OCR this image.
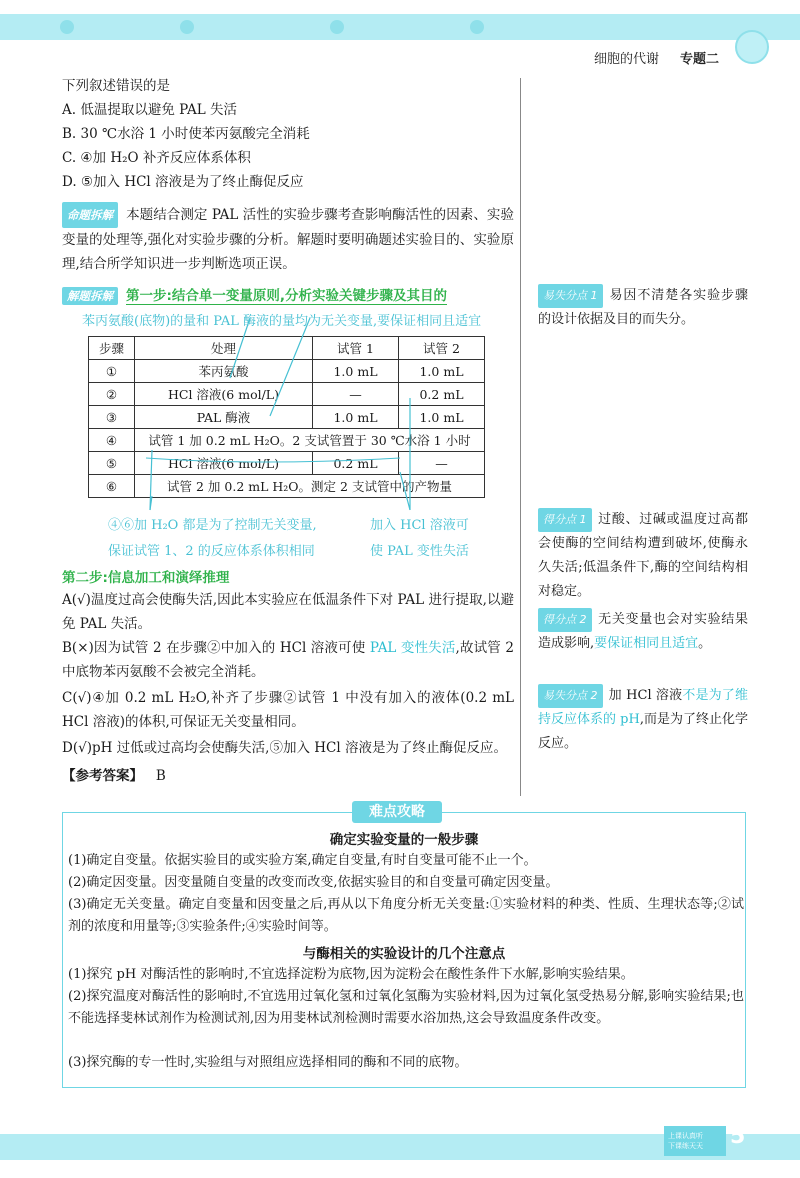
细胞的代谢 专题二
下列叙述错误的是
A. 低温提取以避免 PAL 失活
B. 30 ℃水浴 1 小时使苯丙氨酸完全消耗
C. ④加 H₂O 补齐反应体系体积
D. ⑤加入 HCl 溶液是为了终止酶促反应
命题拆解 本题结合测定 PAL 活性的实验步骤考查影响酶活性的因素、实验变量的处理等,强化对实验步骤的分析。解题时要明确题述实验目的、实验原理,结合所学知识进一步判断选项正误。
解题拆解 第一步:结合单一变量原则,分析实验关键步骤及其目的
苯丙氨酸(底物)的量和 PAL 酶液的量均为无关变量,要保证相同且适宜
步骤	处理	试管 1	试管 2
①	苯丙氨酸	1.0 mL	1.0 mL
②	HCl 溶液(6 mol/L)	—	0.2 mL
③	PAL 酶液	1.0 mL	1.0 mL
④	试管 1 加 0.2 mL H₂O。2 支试管置于 30 ℃水浴 1 小时		
⑤	HCl 溶液(6 mol/L)	0.2 mL	—
⑥	试管 2 加 0.2 mL H₂O。测定 2 支试管中的产物量		
④⑥加 H₂O 都是为了控制无关变量,
保证试管 1、2 的反应体系体积相同
加入 HCl 溶液可
使 PAL 变性失活
第二步:信息加工和演绎推理
A(√)温度过高会使酶失活,因此本实验应在低温条件下对 PAL 进行提取,以避免 PAL 失活。
B(×)因为试管 2 在步骤②中加入的 HCl 溶液可使 PAL 变性失活,故试管 2 中底物苯丙氨酸不会被完全消耗。
C(√)④加 0.2 mL H₂O,补齐了步骤②试管 1 中没有加入的液体(0.2 mL HCl 溶液)的体积,可保证无关变量相同。
D(√)pH 过低或过高均会使酶失活,⑤加入 HCl 溶液是为了终止酶促反应。
【参考答案】 B
易失分点 1 易因不清楚各实验步骤的设计依据及目的而失分。
得分点 1 过酸、过碱或温度过高都会使酶的空间结构遭到破坏,使酶永久失活;低温条件下,酶的空间结构相对稳定。
得分点 2 无关变量也会对实验结果造成影响,要保证相同且适宜。
易失分点 2 加 HCl 溶液不是为了维持反应体系的 pH,而是为了终止化学反应。
难点攻略
确定实验变量的一般步骤
(1)确定自变量。依据实验目的或实验方案,确定自变量,有时自变量可能不止一个。
(2)确定因变量。因变量随自变量的改变而改变,依据实验目的和自变量可确定因变量。
(3)确定无关变量。确定自变量和因变量之后,再从以下角度分析无关变量:①实验材料的种类、性质、生理状态等;②试剂的浓度和用量等;③实验条件;④实验时间等。
与酶相关的实验设计的几个注意点
(1)探究 pH 对酶活性的影响时,不宜选择淀粉为底物,因为淀粉会在酸性条件下水解,影响实验结果。
(2)探究温度对酶活性的影响时,不宜选用过氧化氢和过氧化氢酶为实验材料,因为过氧化氢受热易分解,影响实验结果;也不能选择斐林试剂作为检测试剂,因为用斐林试剂检测时需要水浴加热,这会导致温度条件改变。
(3)探究酶的专一性时,实验组与对照组应选择相同的酶和不同的底物。
上课认真听
下课练天天	5
